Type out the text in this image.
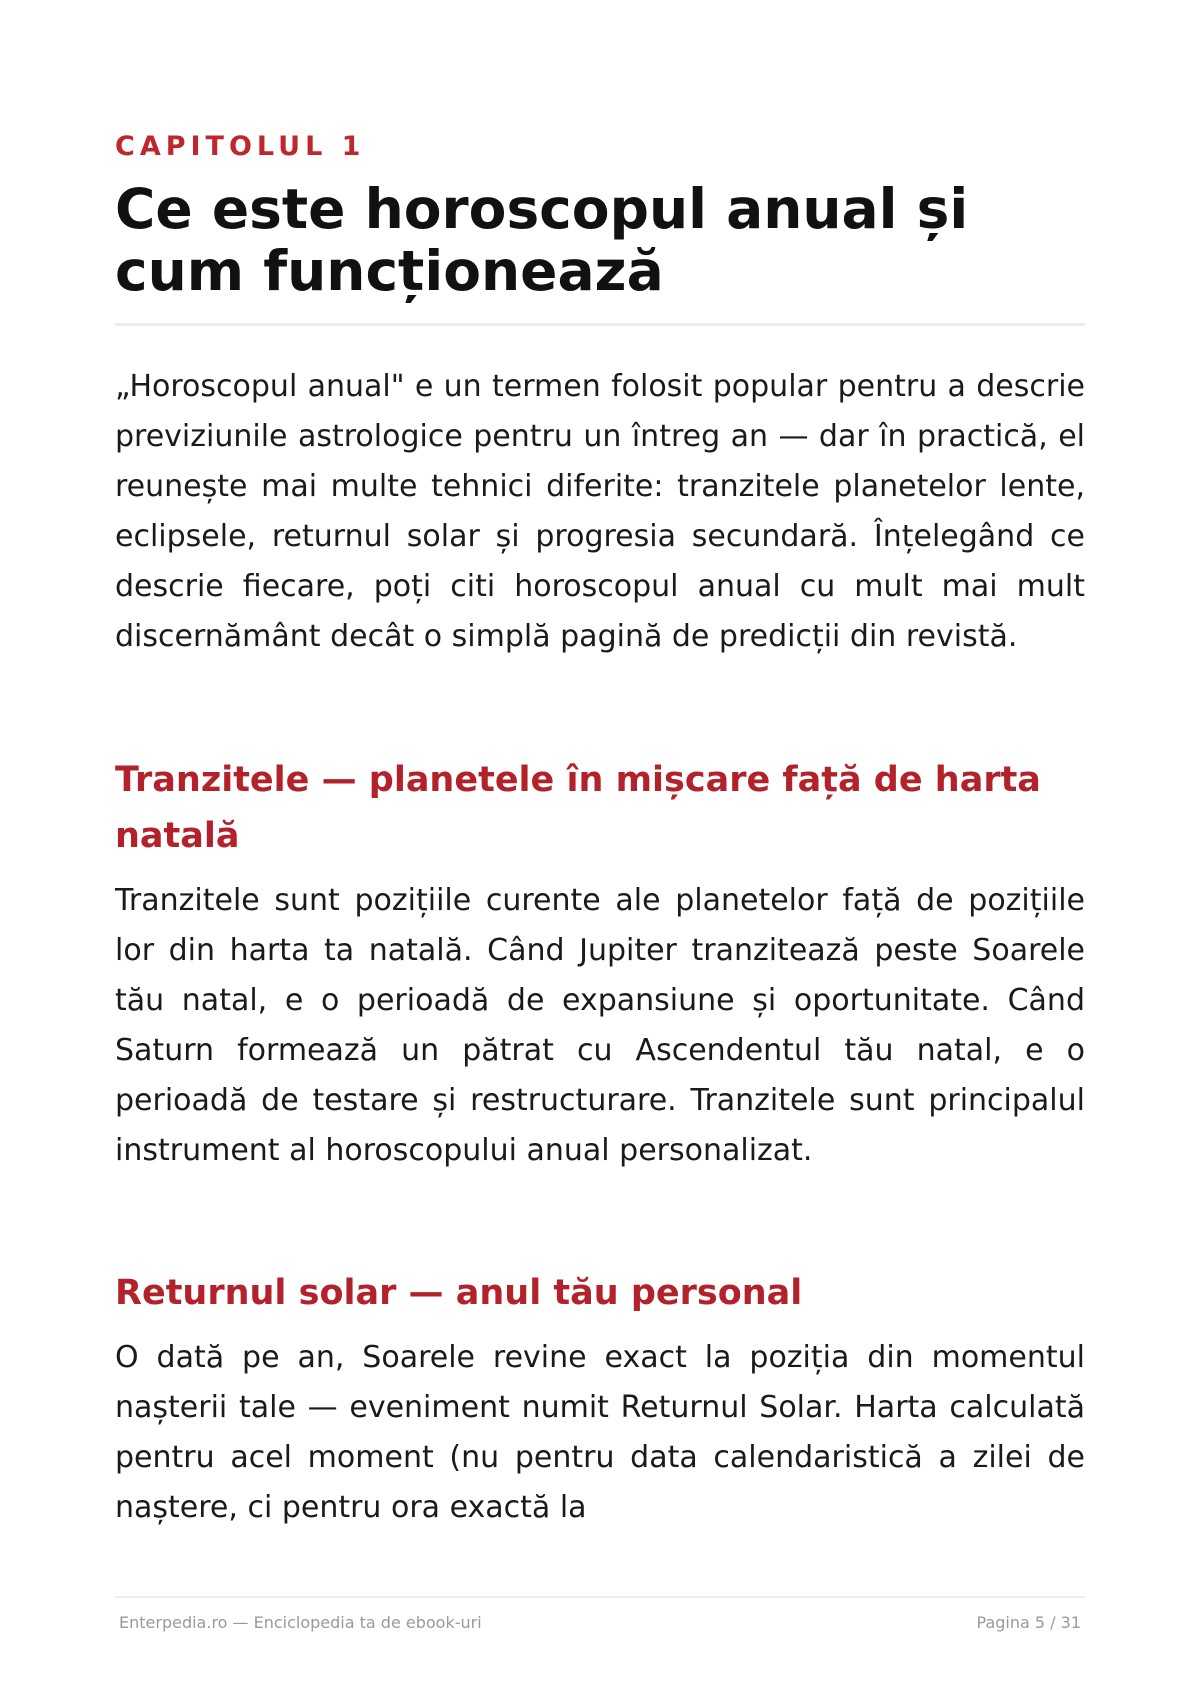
CAPITOLUL 1
Ce este horoscopul anual și cum funcționează

„Horoscopul anual" e un termen folosit popular pentru a descrie previziunile astrologice pentru un întreg an — dar în practică, el reunește mai multe tehnici diferite: tranzitele planetelor lente, eclipsele, returnul solar și progresia secundară. Înțelegând ce descrie fiecare, poți citi horoscopul anual cu mult mai mult discernământ decât o simplă pagină de predicții din revistă.

Tranzitele — planetele în mișcare față de harta natală

Tranzitele sunt pozițiile curente ale planetelor față de pozițiile lor din harta ta natală. Când Jupiter tranzitează peste Soarele tău natal, e o perioadă de expansiune și oportunitate. Când Saturn formează un pătrat cu Ascendentul tău natal, e o perioadă de testare și restructurare. Tranzitele sunt principalul instrument al horoscopului anual personalizat.

Returnul solar — anul tău personal

O dată pe an, Soarele revine exact la poziția din momentul nașterii tale — eveniment numit Returnul Solar. Harta calculată pentru acel moment (nu pentru data calendaristică a zilei de naștere, ci pentru ora exactă la

Enterpedia.ro — Enciclopedia ta de ebook-uri	Pagina 5 / 31
